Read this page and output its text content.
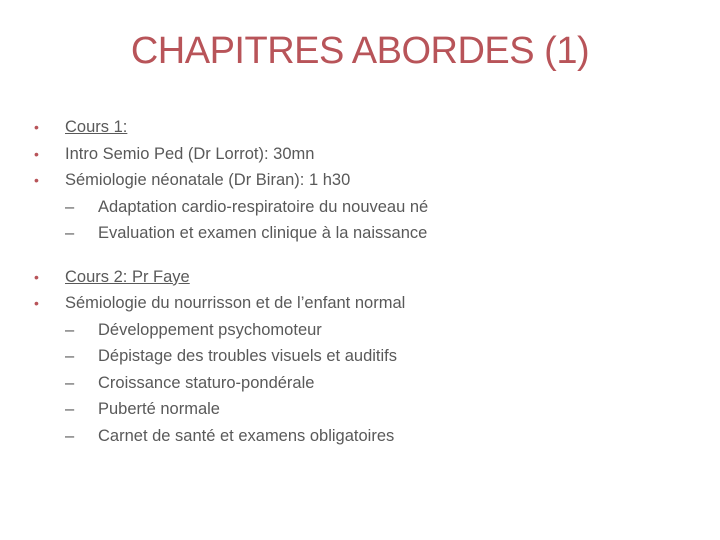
CHAPITRES ABORDES (1)
•	Cours 1:
•	Intro Semio Ped (Dr Lorrot): 30mn
•	Sémiologie néonatale (Dr Biran): 1 h30
– Adaptation cardio-respiratoire du nouveau né
– Evaluation et examen clinique à la naissance
•	Cours 2: Pr Faye
•	Sémiologie du nourrisson et de l’enfant normal
– Développement psychomoteur
– Dépistage des troubles visuels et auditifs
– Croissance staturo-pondérale
– Puberté normale
– Carnet de santé et examens obligatoires
